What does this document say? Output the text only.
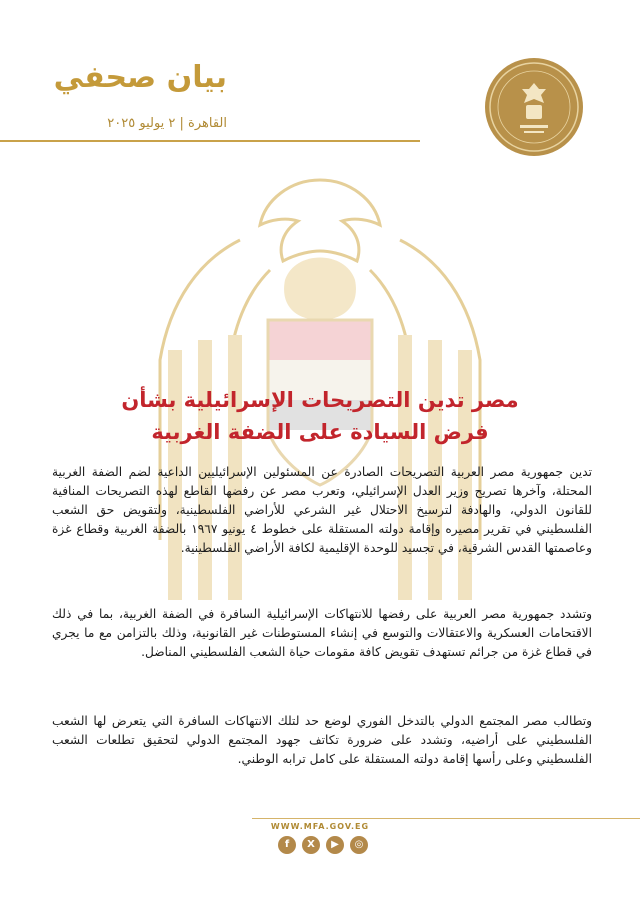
بيان صحفي
القاهرة | ٢ يوليو ٢٠٢٥
مصر تدين التصريحات الإسرائيلية بشأن
فرض السيادة على الضفة الغربية

تدين جمهورية مصر العربية التصريحات الصادرة عن المسئولين الإسرائيليين الداعية لضم الضفة الغربية المحتلة، وآخرها تصريح وزير العدل الإسرائيلي، وتعرب مصر عن رفضها القاطع لهذه التصريحات المنافية للقانون الدولي، والهادفة لترسيخ الاحتلال غير الشرعي للأراضي الفلسطينية، ولتقويض حق الشعب الفلسطيني في تقرير مصيره وإقامة دولته المستقلة على خطوط ٤ يونيو ١٩٦٧ بالضفة الغربية وقطاع غزة وعاصمتها القدس الشرقية، في تجسيد للوحدة الإقليمية لكافة الأراضي الفلسطينية.

وتشدد جمهورية مصر العربية على رفضها للانتهاكات الإسرائيلية السافرة في الضفة الغربية، بما في ذلك الاقتحامات العسكرية والاعتقالات والتوسع في إنشاء المستوطنات غير القانونية، وذلك بالتزامن مع ما يجري في قطاع غزة من جرائم تستهدف تقويض كافة مقومات حياة الشعب الفلسطيني المناضل.

وتطالب مصر المجتمع الدولي بالتدخل الفوري لوضع حد لتلك الانتهاكات السافرة التي يتعرض لها الشعب الفلسطيني على أراضيه، وتشدد على ضرورة تكاتف جهود المجتمع الدولي لتحقيق تطلعات الشعب الفلسطيني وعلى رأسها إقامة دولته المستقلة على كامل ترابه الوطني.

WWW.MFA.GOV.EG
f	X	▶	◎
